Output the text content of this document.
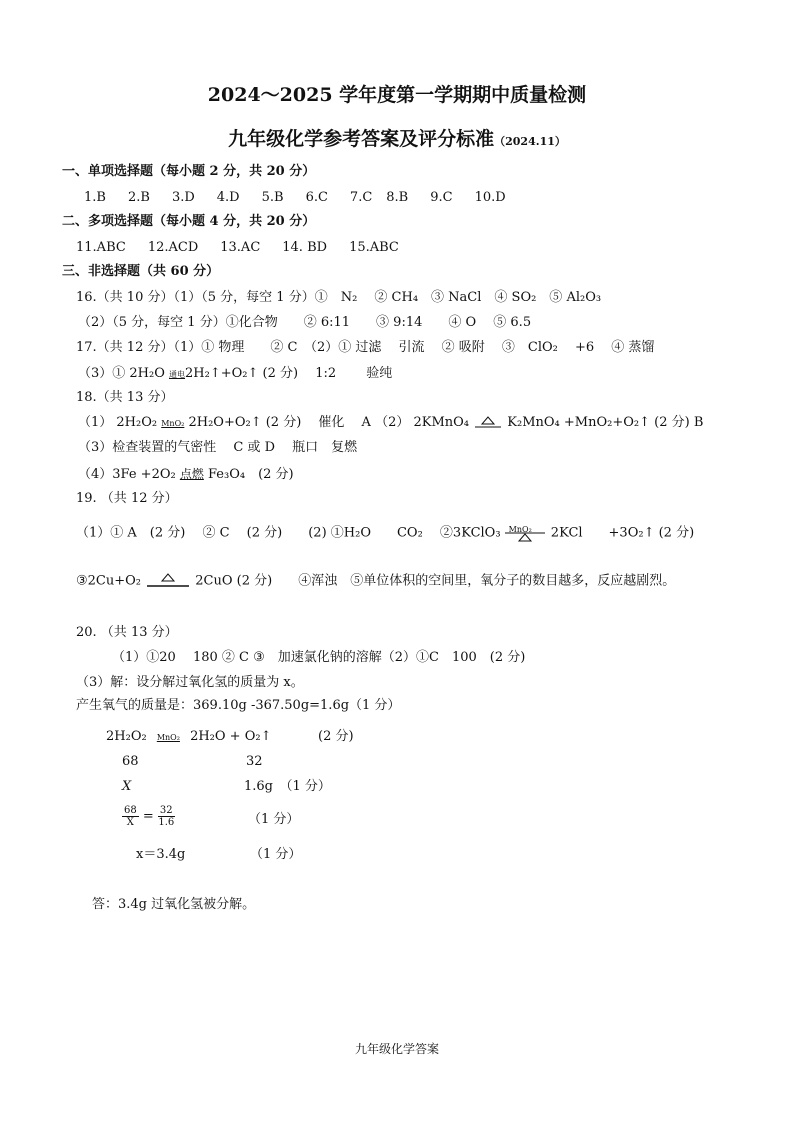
2024～2025 学年度第一学期期中质量检测
九年级化学参考答案及评分标准（2024.11）
一、单项选择题（每小题 2 分，共 20 分）
1.B 2.B 3.D 4.D 5.B 6.C 7.C 8.B 9.C 10.D
二、多项选择题（每小题 4 分，共 20 分）
11.ABC 12.ACD 13.AC 14. BD 15.ABC
三、非选择题（共 60 分）
16.（共 10 分）（1）（5 分，每空 1 分）①　N₂　 ② CH₄　③ NaCl　④ SO₂　⑤ Al₂O₃
（2）（5 分，每空 1 分）①化合物　　② 6:11　　③ 9:14　　④ O　 ⑤ 6.5
17.（共 12 分）（1）① 物理　　② C　（2）① 过滤　 引流　 ② 吸附　 ③　ClO₂　 +6　 ④ 蒸馏
（3）① 2H₂O 通电2H₂↑+O₂↑ (2 分)　 1:2　　 验纯
18.（共 13 分）
（1） 2H₂O₂ MnO₂ 2H₂O+O₂↑ (2 分)　 催化　 A （2） 2KMnO₄	K₂MnO₄ +MnO₂+O₂↑ (2 分) B
（3）检查装置的气密性　 C 或 D　 瓶口　复燃
（4）3Fe +2O₂ 点燃 Fe₃O₄　(2 分)
19. （共 12 分）
（1）① A　(2 分)　 ② C　 (2 分)　　(2) ①H₂O　　CO₂　 ②3KClO₃ MnO₂ 2KCl　　+3O₂↑ (2 分)
③2Cu+O₂	2CuO (2 分)　　④浑浊　⑤单位体积的空间里，氧分子的数目越多，反应越剧烈。
20. （共 13 分）
（1）①20　 180 ② C ③　加速氯化钠的溶解（2）①C　100　(2 分)
（3）解：设分解过氧化氢的质量为 x。
产生氧气的质量是：369.10g -367.50g=1.6g（1 分）
2H₂O₂ MnO₂ 2H₂O + O₂↑	(2 分)
68	32
X	1.6g　（1 分）
$\frac{68}{X} = \frac{32}{1.6}$	（1 分）
x＝3.4g	（1 分）
答：3.4g 过氧化氢被分解。
九年级化学答案
